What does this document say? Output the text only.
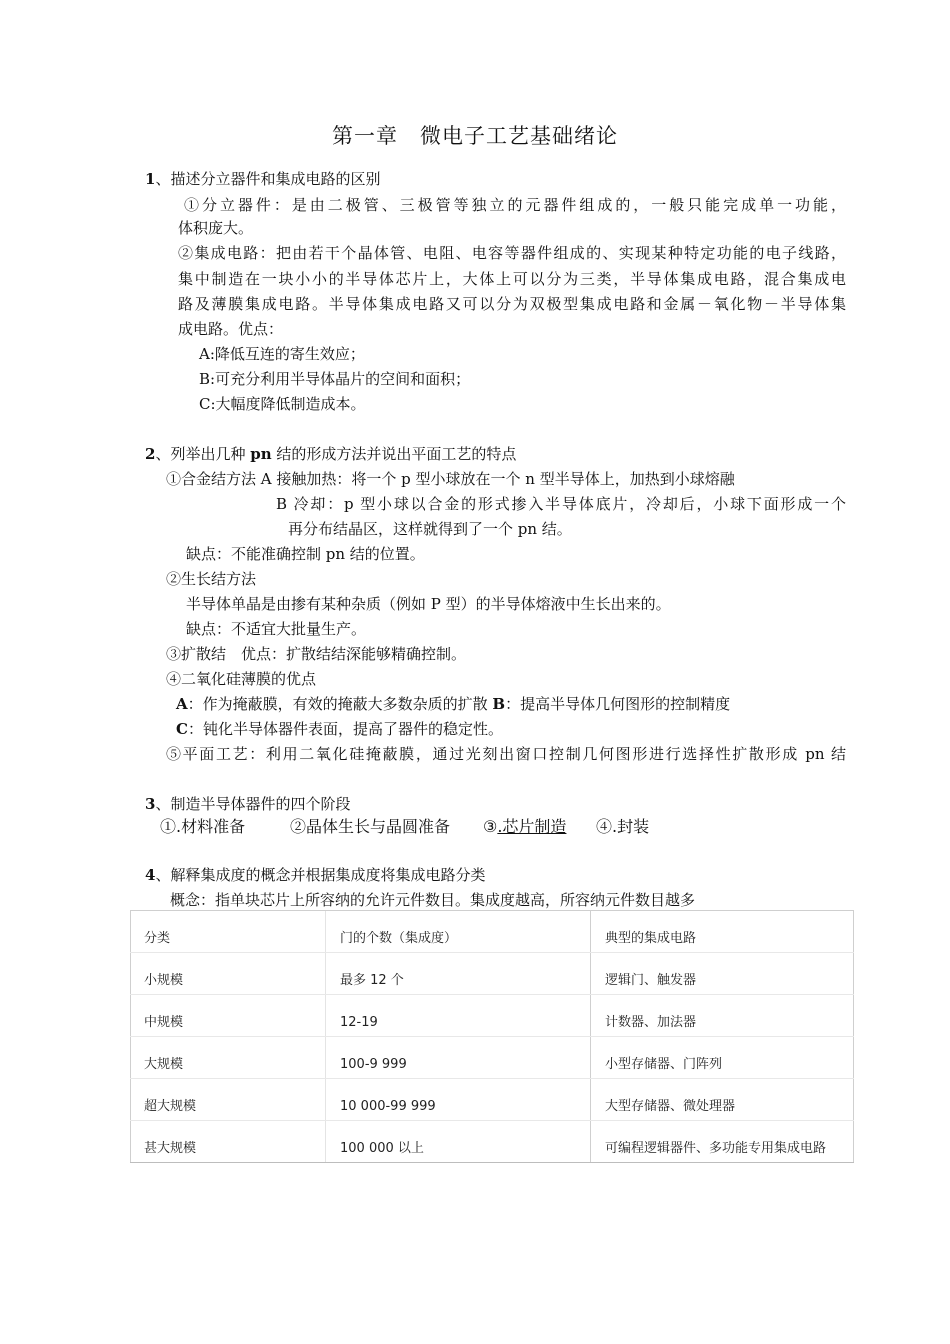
第一章　微电子工艺基础绪论
1、描述分立器件和集成电路的区别
①分立器件：是由二极管、三极管等独立的元器件组成的，一般只能完成单一功能，
体积庞大。
②集成电路：把由若干个晶体管、电阻、电容等器件组成的、实现某种特定功能的电子线路，
集中制造在一块小小的半导体芯片上，大体上可以分为三类，半导体集成电路，混合集成电
路及薄膜集成电路。半导体集成电路又可以分为双极型集成电路和金属－氧化物－半导体集
成电路。优点：
A:降低互连的寄生效应；
B:可充分利用半导体晶片的空间和面积；
C:大幅度降低制造成本。
2、列举出几种 pn 结的形成方法并说出平面工艺的特点
①合金结方法 A 接触加热：将一个 p 型小球放在一个 n 型半导体上，加热到小球熔融
B 冷却：p 型小球以合金的形式掺入半导体底片，冷却后，小球下面形成一个
再分布结晶区，这样就得到了一个 pn 结。
缺点：不能准确控制 pn 结的位置。
②生长结方法
半导体单晶是由掺有某种杂质（例如 P 型）的半导体熔液中生长出来的。
缺点：不适宜大批量生产。
③扩散结　优点：扩散结结深能够精确控制。
④二氧化硅薄膜的优点
A：作为掩蔽膜，有效的掩蔽大多数杂质的扩散 B：提高半导体几何图形的控制精度
C：钝化半导体器件表面，提高了器件的稳定性。
⑤平面工艺：利用二氧化硅掩蔽膜，通过光刻出窗口控制几何图形进行选择性扩散形成 pn 结
3、制造半导体器件的四个阶段
①.材料准备	②晶体生长与晶圆准备 ③.芯片制造 ④.封装
4、解释集成度的概念并根据集成度将集成电路分类
概念：指单块芯片上所容纳的允许元件数目。集成度越高，所容纳元件数目越多
分类	门的个数（集成度）	典型的集成电路
小规模	最多 12 个	逻辑门、触发器
中规模	12-19	计数器、加法器
大规模	100-9 999	小型存储器、门阵列
超大规模	10 000-99 999	大型存储器、微处理器
甚大规模	100 000 以上	可编程逻辑器件、多功能专用集成电路
